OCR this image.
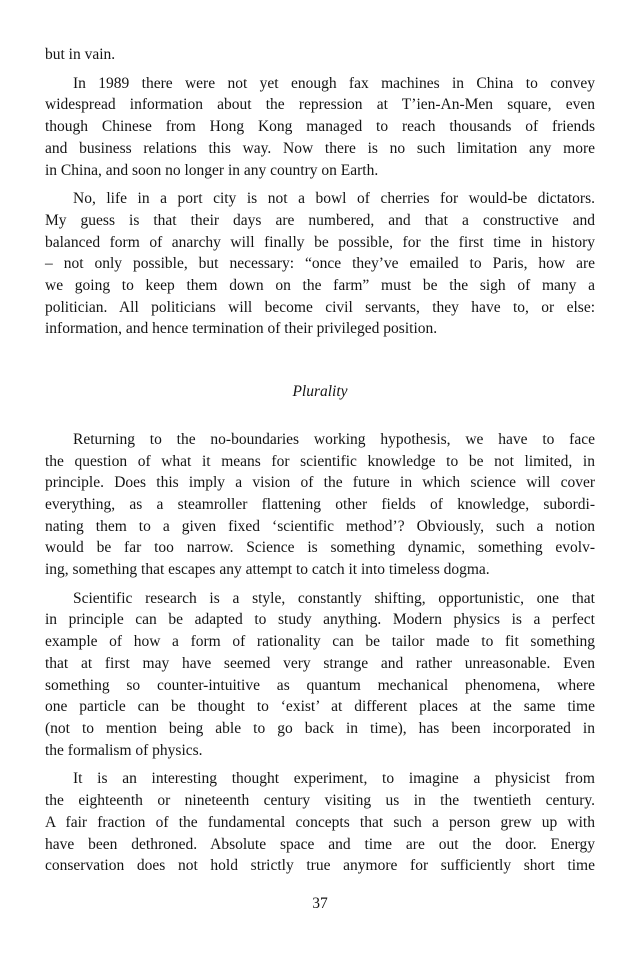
but in vain.
In 1989 there were not yet enough fax machines in China to convey
widespread information about the repression at T’ien-An-Men square, even
though Chinese from Hong Kong managed to reach thousands of friends
and business relations this way. Now there is no such limitation any more
in China, and soon no longer in any country on Earth.
No, life in a port city is not a bowl of cherries for would-be dictators.
My guess is that their days are numbered, and that a constructive and
balanced form of anarchy will finally be possible, for the first time in history
– not only possible, but necessary: “once they’ve emailed to Paris, how are
we going to keep them down on the farm” must be the sigh of many a
politician. All politicians will become civil servants, they have to, or else:
information, and hence termination of their privileged position.
Plurality
Returning to the no-boundaries working hypothesis, we have to face
the question of what it means for scientific knowledge to be not limited, in
principle. Does this imply a vision of the future in which science will cover
everything, as a steamroller flattening other fields of knowledge, subordi-
nating them to a given fixed ‘scientific method’? Obviously, such a notion
would be far too narrow. Science is something dynamic, something evolv-
ing, something that escapes any attempt to catch it into timeless dogma.
Scientific research is a style, constantly shifting, opportunistic, one that
in principle can be adapted to study anything. Modern physics is a perfect
example of how a form of rationality can be tailor made to fit something
that at first may have seemed very strange and rather unreasonable. Even
something so counter-intuitive as quantum mechanical phenomena, where
one particle can be thought to ‘exist’ at different places at the same time
(not to mention being able to go back in time), has been incorporated in
the formalism of physics.
It is an interesting thought experiment, to imagine a physicist from
the eighteenth or nineteenth century visiting us in the twentieth century.
A fair fraction of the fundamental concepts that such a person grew up with
have been dethroned. Absolute space and time are out the door. Energy
conservation does not hold strictly true anymore for sufficiently short time
37
